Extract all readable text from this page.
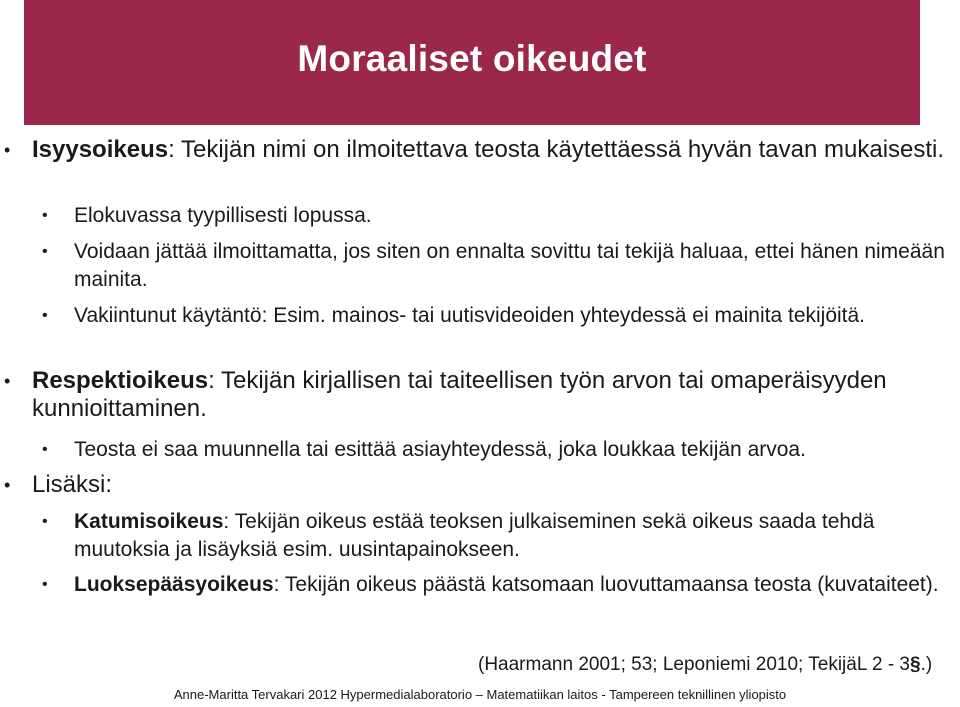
Moraaliset oikeudet
• Isyysoikeus: Tekijän nimi on ilmoitettava teosta käytettäessä hyvän tavan mukaisesti.
• Elokuvassa tyypillisesti lopussa.
• Voidaan jättää ilmoittamatta, jos siten on ennalta sovittu tai tekijä haluaa, ettei hänen nimeään mainita.
• Vakiintunut käytäntö: Esim. mainos- tai uutisvideoiden yhteydessä ei mainita tekijöitä.
• Respektioikeus: Tekijän kirjallisen tai taiteellisen työn arvon tai omaperäisyyden kunnioittaminen.
• Teosta ei saa muunnella tai esittää asiayhteydessä, joka loukkaa tekijän arvoa.
• Lisäksi:
• Katumisoikeus: Tekijän oikeus estää teoksen julkaiseminen sekä oikeus saada tehdä muutoksia ja lisäyksiä esim. uusintapainokseen.
• Luoksepääsyoikeus: Tekijän oikeus päästä katsomaan luovuttamaansa teosta (kuvataiteet).
(Haarmann 2001; 53; Leponiemi 2010; TekijäL 2 - 3§.)
Anne-Maritta Tervakari 2012 Hypermedialaboratorio – Matematiikan laitos - Tampereen teknillinen yliopisto
